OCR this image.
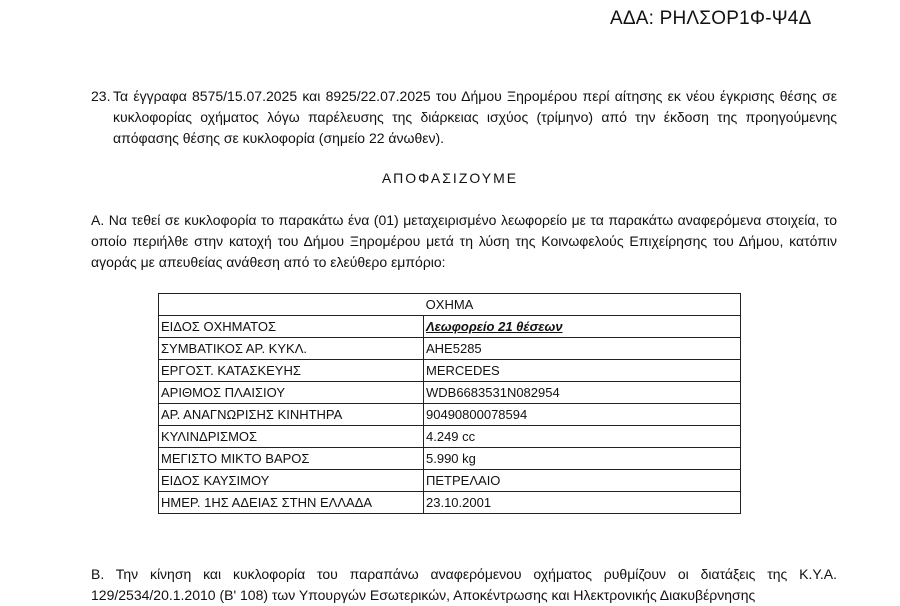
ΑΔΑ: ΡΗΛΣΟΡ1Φ-Ψ4Δ
23. Τα έγγραφα 8575/15.07.2025 και 8925/22.07.2025 του Δήμου Ξηρομέρου περί αίτησης εκ νέου έγκρισης θέσης σε κυκλοφορίας οχήματος λόγω παρέλευσης της διάρκειας ισχύος (τρίμηνο) από την έκδοση της προηγούμενης απόφασης θέσης σε κυκλοφορία (σημείο 22 άνωθεν).
ΑΠΟΦΑΣΙΖΟΥΜΕ
Α. Να τεθεί σε κυκλοφορία το παρακάτω ένα (01) μεταχειρισμένο λεωφορείο με τα παρακάτω αναφερόμενα στοιχεία, το οποίο περιήλθε στην κατοχή του Δήμου Ξηρομέρου μετά τη λύση της Κοινωφελούς Επιχείρησης του Δήμου, κατόπιν αγοράς με απευθείας ανάθεση από το ελεύθερο εμπόριο:
ΟΧΗΜΑ	
ΕΙΔΟΣ ΟΧΗΜΑΤΟΣ	Λεωφορείο 21 θέσεων
ΣΥΜΒΑΤΙΚΟΣ ΑΡ. ΚΥΚΛ.	ΑΗΕ5285
ΕΡΓΟΣΤ. ΚΑΤΑΣΚΕΥΗΣ	MERCEDES
ΑΡΙΘΜΟΣ ΠΛΑΙΣΙΟΥ	WDB6683531N082954
ΑΡ. ΑΝΑΓΝΩΡΙΣΗΣ ΚΙΝΗΤΗΡΑ	90490800078594
ΚΥΛΙΝΔΡΙΣΜΟΣ	4.249 cc
ΜΕΓΙΣΤΟ ΜΙΚΤΟ ΒΑΡΟΣ	5.990 kg
ΕΙΔΟΣ ΚΑΥΣΙΜΟΥ	ΠΕΤΡΕΛΑΙΟ
ΗΜΕΡ. 1ΗΣ ΑΔΕΙΑΣ ΣΤΗΝ ΕΛΛΑΔΑ	23.10.2001
Β. Την κίνηση και κυκλοφορία του παραπάνω αναφερόμενου οχήματος ρυθμίζουν οι διατάξεις της Κ.Υ.Α. 129/2534/20.1.2010 (Β' 108) των Υπουργών Εσωτερικών, Αποκέντρωσης και Ηλεκτρονικής Διακυβέρνησης
